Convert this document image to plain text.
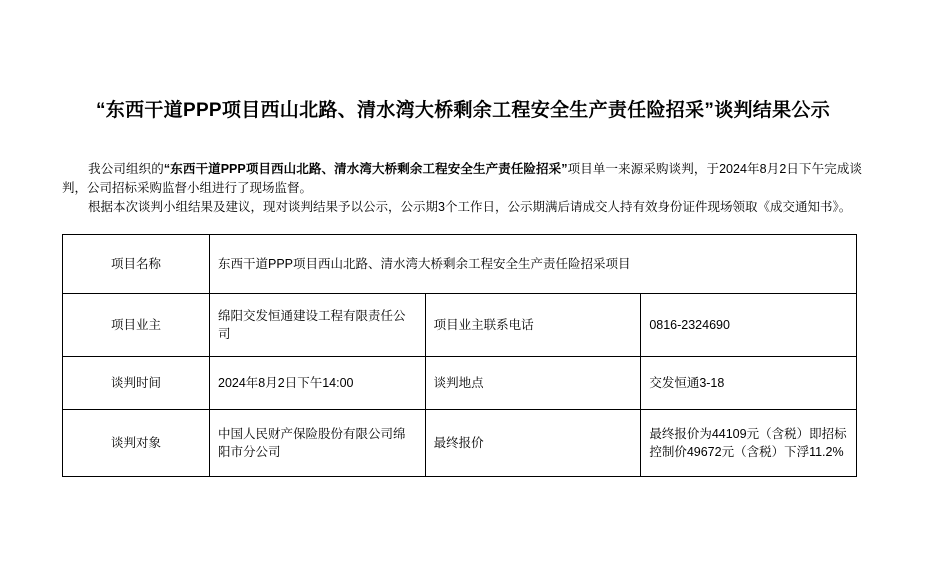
“东西干道PPP项目西山北路、清水湾大桥剩余工程安全生产责任险招采”谈判结果公示
我公司组织的“东西干道PPP项目西山北路、清水湾大桥剩余工程安全生产责任险招采”项目单一来源采购谈判，于2024年8月2日下午完成谈判，公司招标采购监督小组进行了现场监督。
根据本次谈判小组结果及建议，现对谈判结果予以公示，公示期3个工作日，公示期满后请成交人持有效身份证件现场领取《成交通知书》。
项目名称	东西干道PPP项目西山北路、清水湾大桥剩余工程安全生产责任险招采项目		
项目业主	绵阳交发恒通建设工程有限责任公司	项目业主联系电话	0816-2324690
谈判时间	2024年8月2日下午14:00	谈判地点	交发恒通3-18
谈判对象	中国人民财产保险股份有限公司绵阳市分公司	最终报价	最终报价为44109元（含税）即招标控制价49672元（含税）下浮11.2%
